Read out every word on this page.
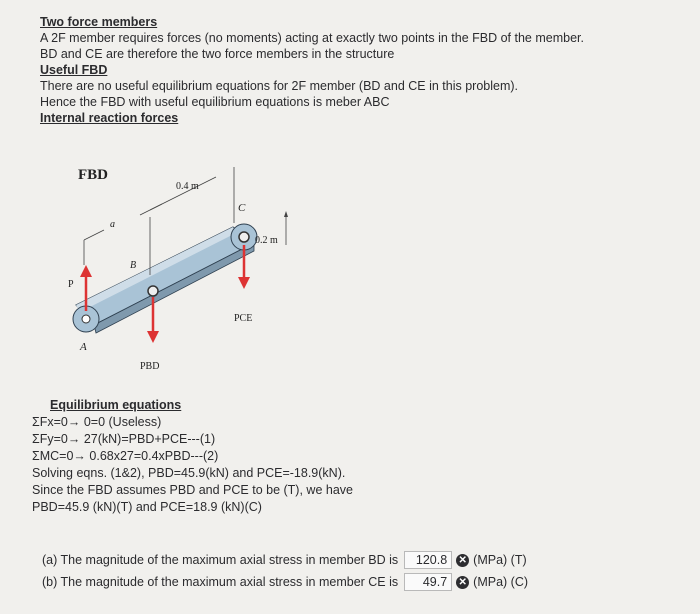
Two force members
A 2F member requires forces (no moments) acting at exactly two points in the FBD of the member.
BD and CE are therefore the two force members in the structure
Useful FBD
There are no useful equilibrium equations for 2F member (BD and CE in this problem).
Hence the FBD with useful equilibrium equations is meber ABC
Internal reaction forces
FBD
0.4 m
0.2 m
a
A
B
C
P
PBD
PCE
Equilibrium equations
ΣFx=0→ 0=0 (Useless)
ΣFy=0→ 27(kN)=PBD+PCE---(1)
ΣMC=0→ 0.68x27=0.4xPBD---(2)
Solving eqns. (1&2), PBD=45.9(kN) and PCE=-18.9(kN).
Since the FBD assumes PBD and PCE to be (T), we have
PBD=45.9 (kN)(T) and PCE=18.9 (kN)(C)
(a) The magnitude of the maximum axial stress in member BD is	120.8	✕ (MPa) (T)
(b) The magnitude of the maximum axial stress in member CE is	49.7	✕ (MPa) (C)
